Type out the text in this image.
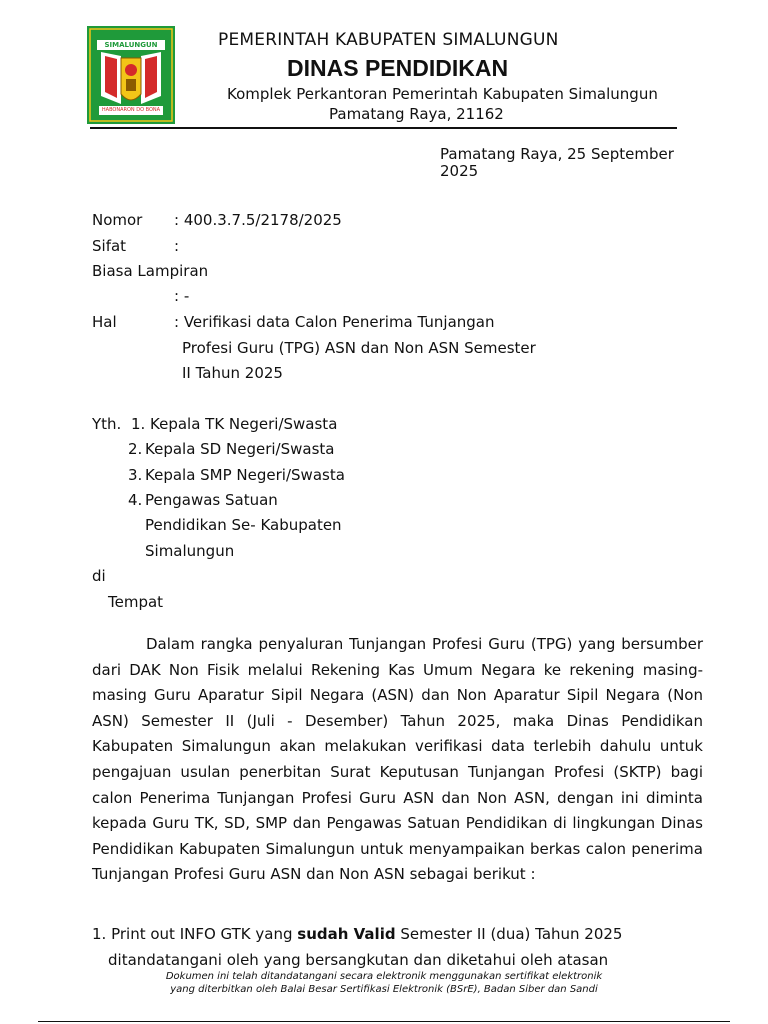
SIMALUNGUN
HABONARON DO BONA
PEMERINTAH KABUPATEN SIMALUNGUN
DINAS PENDIDIKAN
Komplek Perkantoran Pemerintah Kabupaten Simalungun
Pamatang Raya, 21162
Pamatang Raya, 25 September 2025
Nomor : 400.3.7.5/2178/2025
Sifat	:
Biasa Lampiran
: -
Hal	: Verifikasi data Calon Penerima Tunjangan
Profesi Guru (TPG) ASN dan Non ASN Semester
II Tahun 2025
Yth. 1. Kepala TK Negeri/Swasta
2. Kepala SD Negeri/Swasta
3. Kepala SMP Negeri/Swasta
4. Pengawas Satuan
Pendidikan Se- Kabupaten
Simalungun
di
Tempat

Dalam rangka penyaluran Tunjangan Profesi Guru (TPG) yang bersumber dari DAK Non Fisik melalui Rekening Kas Umum Negara ke rekening masing-masing Guru Aparatur Sipil Negara (ASN) dan Non Aparatur Sipil Negara (Non ASN) Semester II (Juli - Desember) Tahun 2025, maka Dinas Pendidikan Kabupaten Simalungun akan melakukan verifikasi data terlebih dahulu untuk pengajuan usulan penerbitan Surat Keputusan Tunjangan Profesi (SKTP) bagi calon Penerima Tunjangan Profesi Guru ASN dan Non ASN, dengan ini diminta kepada Guru TK, SD, SMP dan Pengawas Satuan Pendidikan di lingkungan Dinas Pendidikan Kabupaten Simalungun untuk menyampaikan berkas calon penerima Tunjangan Profesi Guru ASN dan Non ASN sebagai berikut :

1. Print out INFO GTK yang sudah Valid Semester II (dua) Tahun 2025
ditandatangani oleh yang bersangkutan dan diketahui oleh atasan
Dokumen ini telah ditandatangani secara elektronik menggunakan sertifikat elektronik
yang diterbitkan oleh Balai Besar Sertifikasi Elektronik (BSrE), Badan Siber dan Sandi
